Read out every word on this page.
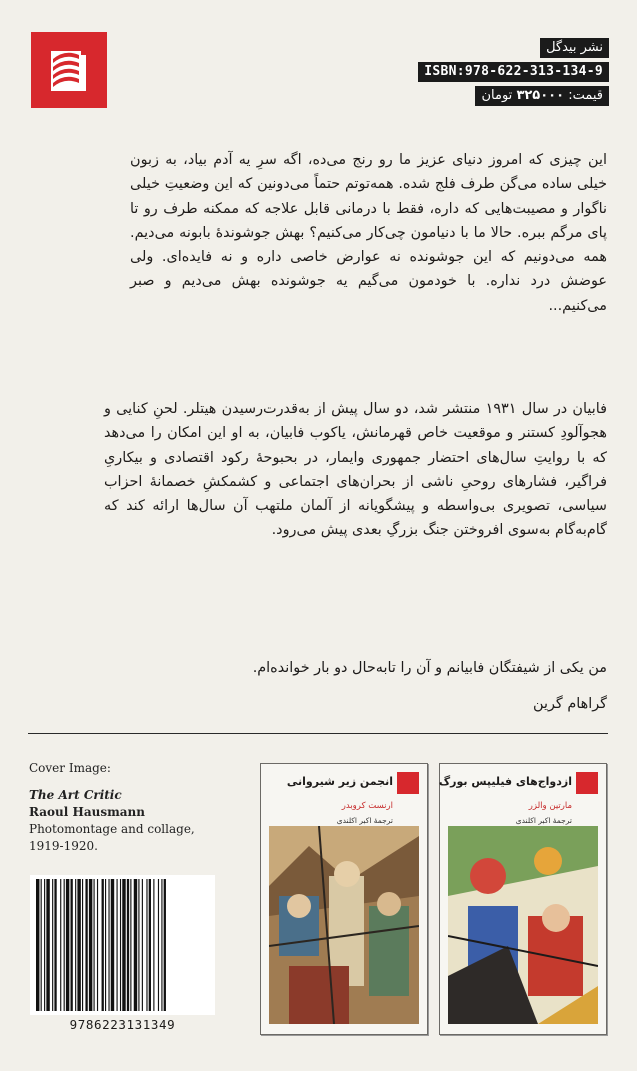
نشر بیدگل
ISBN:978-622-313-134-9
قیمت: ۳۲۵۰۰۰ تومان
این چیزی که امروز دنیای عزیز ما رو رنج می‌ده، اگه سرِ یه آدم بیاد، به زبون خیلی ساده می‌گن طرف فلج شده. همه‌توتم حتماً می‌دونین که این وضعیتِ خیلی ناگوار و مصیبت‌هایی که داره، فقط با درمانی قابل علاجه که ممکنه طرف رو تا پای مرگم ببره. حالا ما با دنیامون چی‌کار می‌کنیم؟ بهش جوشوندهٔ بابونه می‌دیم. همه می‌دونیم که این جوشونده نه عوارض خاصی داره و نه فایده‌ای. ولی عوضش درد نداره. با خودمون می‌گیم یه جوشونده بهش می‌دیم و صبر می‌کنیم...
فابیان در سال ۱۹۳۱ منتشر شد، دو سال پیش از به‌قدرت‌رسیدن هیتلر. لحنِ کنایی و هجوآلودِ کستنر و موقعیت خاص قهرمانش، یاکوب فابیان، به او این امکان را می‌دهد که با روایتِ سال‌های احتضار جمهوری وایمار، در بحبوحهٔ رکود اقتصادی و بیکاریِ فراگیر، فشارهای روحیِ ناشی از بحران‌های اجتماعی و کشمکشِ خصمانهٔ احزاب سیاسی، تصویری بی‌واسطه و پیشگویانه از آلمان ملتهب آن سال‌ها ارائه کند که گام‌به‌گام به‌سوی افروختن جنگ بزرگِ بعدی پیش می‌رود.
من یکی از شیفتگان فابیانم و آن را تا‌به‌حال دو بار خوانده‌ام.
گراهام گرین
Cover Image:
The Art Critic
Raoul Hausmann
Photomontage and collage,
1919-1920.
9786223131349
انجمن زیر شیروانی
ارنست کروبدر
ترجمهٔ اکبر اکلندی
ازدواج‌های فیلیپس بورگ
مارتین والزر
ترجمهٔ اکبر اکلندی
